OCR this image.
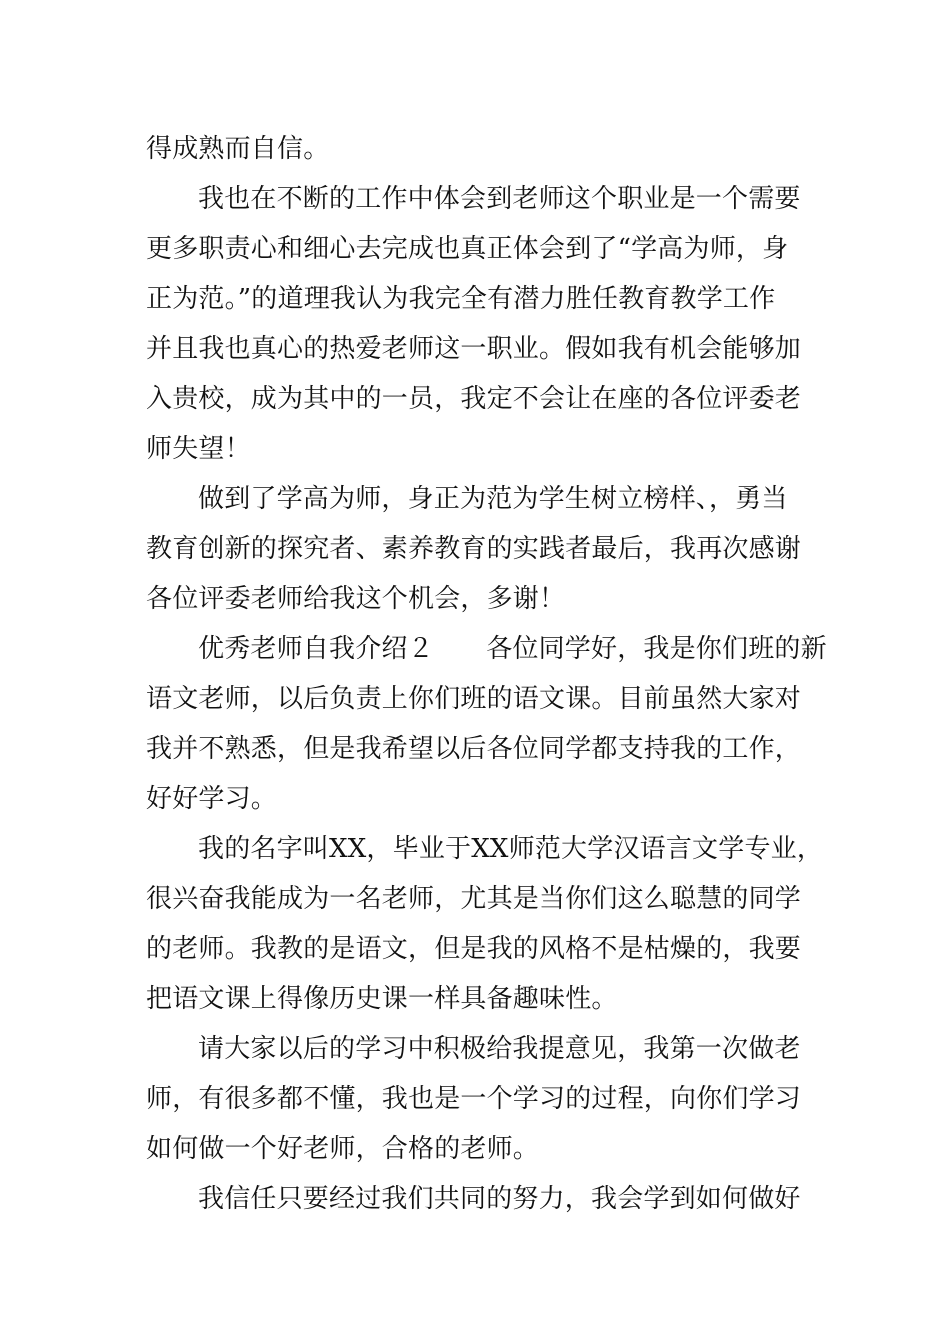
得成熟而自信。
我也在不断的工作中体会到老师这个职业是一个需要
更多职责心和细心去完成也真正体会到了“学高为师，身
正为范。”的道理我认为我完全有潜力胜任教育教学工作
并且我也真心的热爱老师这一职业。假如我有机会能够加
入贵校，成为其中的一员，我定不会让在座的各位评委老
师失望！
做到了学高为师，身正为范为学生树立榜样、，勇当
教育创新的探究者、素养教育的实践者最后，我再次感谢
各位评委老师给我这个机会，多谢！
优秀老师自我介绍２　　各位同学好，我是你们班的新
语文老师，以后负责上你们班的语文课。目前虽然大家对
我并不熟悉，但是我希望以后各位同学都支持我的工作，
好好学习。
我的名字叫XX，毕业于XX师范大学汉语言文学专业，
很兴奋我能成为一名老师，尤其是当你们这么聪慧的同学
的老师。我教的是语文，但是我的风格不是枯燥的，我要
把语文课上得像历史课一样具备趣味性。
请大家以后的学习中积极给我提意见，我第一次做老
师，有很多都不懂，我也是一个学习的过程，向你们学习
如何做一个好老师，合格的老师。
我信任只要经过我们共同的努力，我会学到如何做好
